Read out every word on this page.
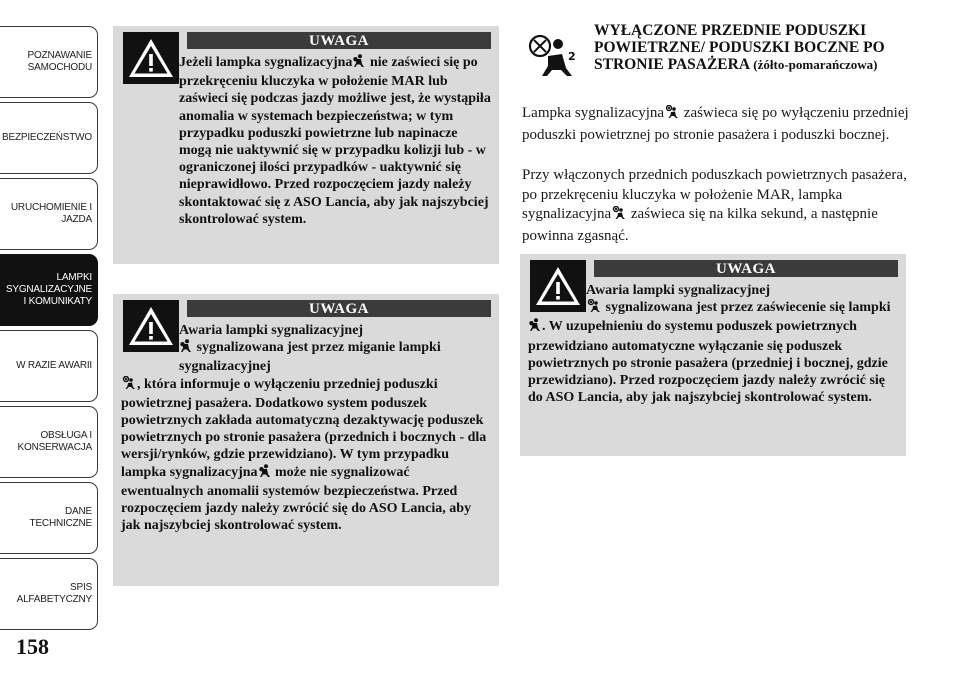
POZNAWANIE
SAMOCHODU
BEZPIECZEŃSTWO
URUCHOMIENIE I
JAZDA
LAMPKI
SYGNALIZACYJNE
I KOMUNIKATY
W RAZIE AWARII
OBSŁUGA I
KONSERWACJA
DANE
TECHNICZNE
SPIS
ALFABETYCZNY
158
UWAGA
Jeżeli lampka sygnalizacyjna nie zaświeci się po przekręceniu kluczyka w położenie MAR lub zaświeci się podczas jazdy możliwe jest, że wystąpiła anomalia w systemach bezpieczeństwa; w tym przypadku poduszki powietrzne lub napinacze mogą nie uaktywnić się w przypadku kolizji lub - w ograniczonej ilości przypadków - uaktywnić się nieprawidłowo. Przed rozpoczęciem jazdy należy skontaktować się z ASO Lancia, aby jak najszybciej skontrolować system.
UWAGA
Awaria lampki sygnalizacyjnej
sygnalizowana jest przez miganie lampki sygnalizacyjnej
, która informuje o wyłączeniu przedniej poduszki powietrznej pasażera. Dodatkowo system poduszek powietrznych zakłada automatyczną dezaktywację poduszek powietrznych po stronie pasażera (przednich i bocznych - dla wersji/rynków, gdzie przewidziano). W tym przypadku lampka sygnalizacyjna może nie sygnalizować ewentualnych anomalii systemów bezpieczeństwa. Przed rozpoczęciem jazdy należy zwrócić się do ASO Lancia, aby jak najszybciej skontrolować system.
2
WYŁĄCZONE PRZEDNIE PODUSZKI POWIETRZNE/ PODUSZKI BOCZNE PO STRONIE PASAŻERA (żółto-pomarańczowa)

Lampka sygnalizacyjna zaświeca się po wyłączeniu przedniej poduszki powietrznej po stronie pasażera i poduszki bocznej.

Przy włączonych przednich poduszkach powietrznych pasażera, po przekręceniu kluczyka w położenie MAR, lampka sygnalizacyjna zaświeca się na kilka sekund, a następnie powinna zgasnąć.

UWAGA
Awaria lampki sygnalizacyjnej
sygnalizowana jest przez zaświecenie się lampki
. W uzupełnieniu do systemu poduszek powietrznych przewidziano automatyczne wyłączanie się poduszek powietrznych po stronie pasażera (przedniej i bocznej, gdzie przewidziano). Przed rozpoczęciem jazdy należy zwrócić się do ASO Lancia, aby jak najszybciej skontrolować system.
